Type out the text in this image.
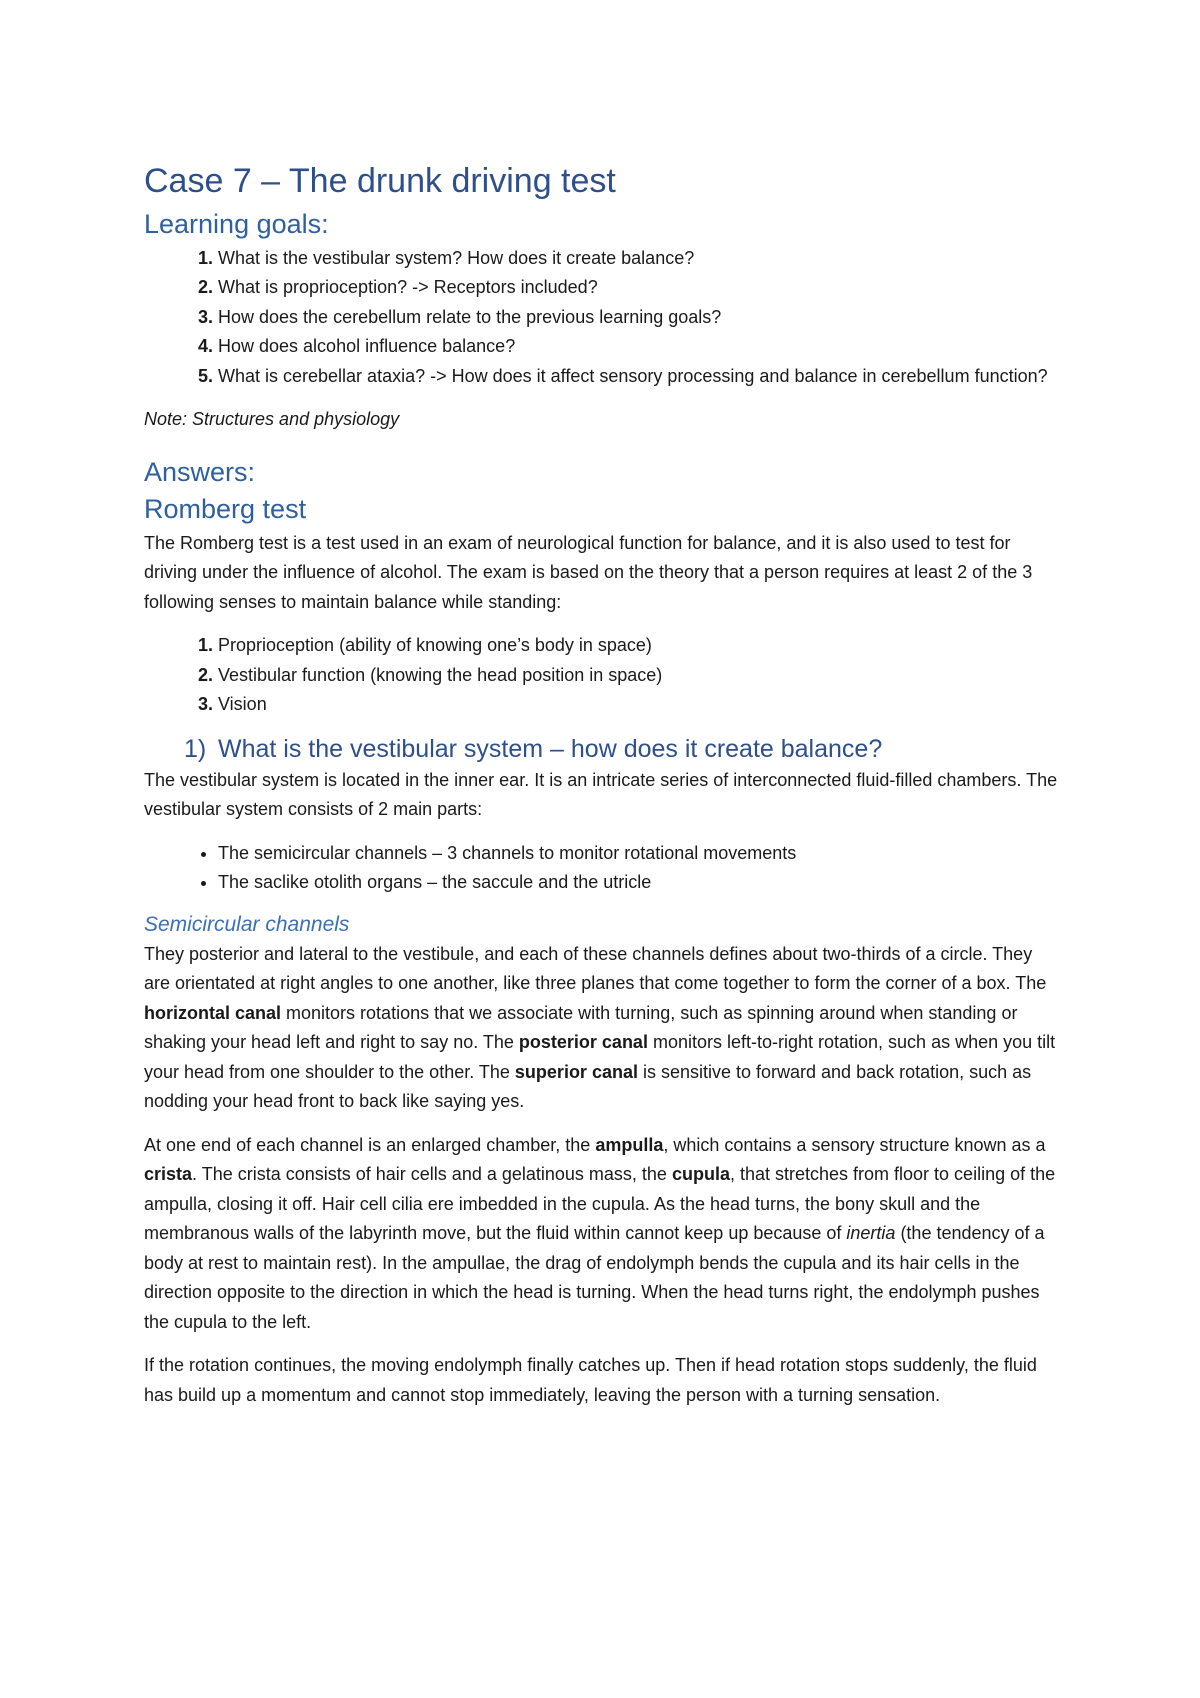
Case 7 – The drunk driving test
Learning goals:
1. What is the vestibular system? How does it create balance?
2. What is proprioception? -> Receptors included?
3. How does the cerebellum relate to the previous learning goals?
4. How does alcohol influence balance?
5. What is cerebellar ataxia? -> How does it affect sensory processing and balance in cerebellum function?

Note: Structures and physiology

Answers:
Romberg test

The Romberg test is a test used in an exam of neurological function for balance, and it is also used to test for driving under the influence of alcohol. The exam is based on the theory that a person requires at least 2 of the 3 following senses to maintain balance while standing:

1. Proprioception (ability of knowing one’s body in space)
2. Vestibular function (knowing the head position in space)
3. Vision
1) What is the vestibular system – how does it create balance?

The vestibular system is located in the inner ear. It is an intricate series of interconnected fluid-filled chambers. The vestibular system consists of 2 main parts:

• The semicircular channels – 3 channels to monitor rotational movements
• The saclike otolith organs – the saccule and the utricle
Semicircular channels

They posterior and lateral to the vestibule, and each of these channels defines about two-thirds of a circle. They are orientated at right angles to one another, like three planes that come together to form the corner of a box. The horizontal canal monitors rotations that we associate with turning, such as spinning around when standing or shaking your head left and right to say no. The posterior canal monitors left-to-right rotation, such as when you tilt your head from one shoulder to the other. The superior canal is sensitive to forward and back rotation, such as nodding your head front to back like saying yes.

At one end of each channel is an enlarged chamber, the ampulla, which contains a sensory structure known as a crista. The crista consists of hair cells and a gelatinous mass, the cupula, that stretches from floor to ceiling of the ampulla, closing it off. Hair cell cilia ere imbedded in the cupula. As the head turns, the bony skull and the membranous walls of the labyrinth move, but the fluid within cannot keep up because of inertia (the tendency of a body at rest to maintain rest). In the ampullae, the drag of endolymph bends the cupula and its hair cells in the direction opposite to the direction in which the head is turning. When the head turns right, the endolymph pushes the cupula to the left.

If the rotation continues, the moving endolymph finally catches up. Then if head rotation stops suddenly, the fluid has build up a momentum and cannot stop immediately, leaving the person with a turning sensation.
